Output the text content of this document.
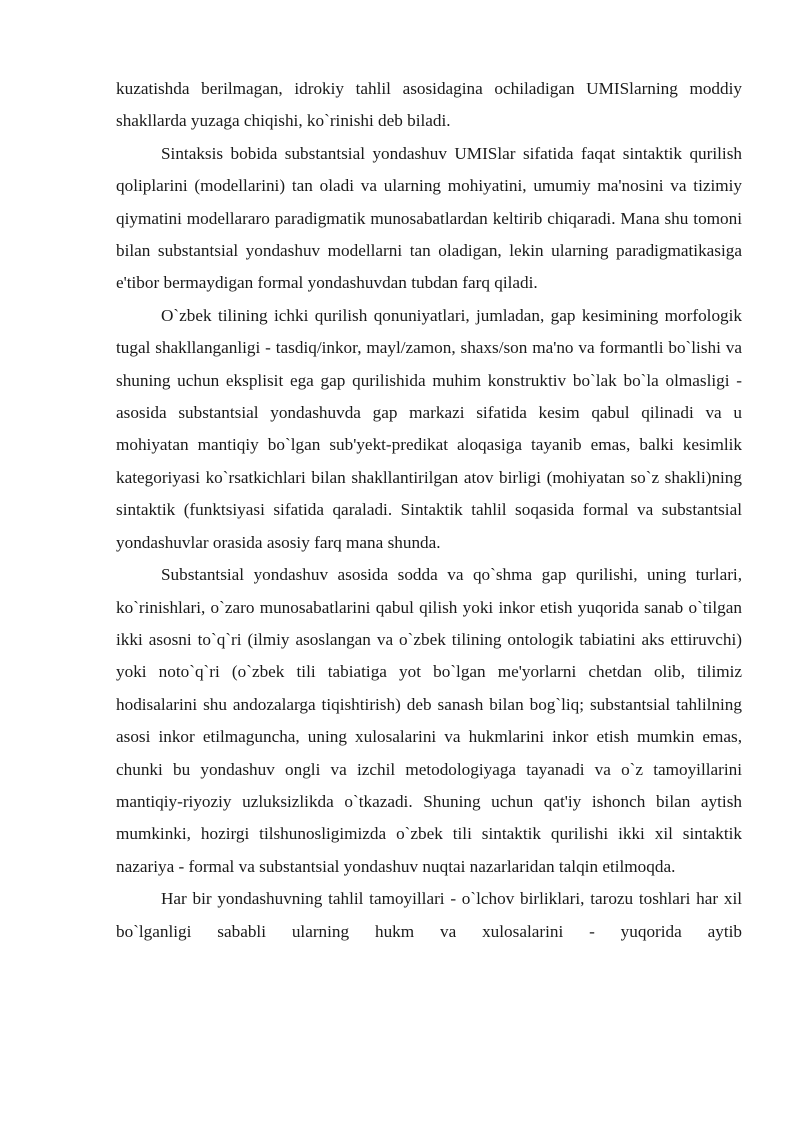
kuzatishda berilmagan, idrokiy tahlil asosidagina ochiladigan UMISlarning moddiy shakllarda yuzaga chiqishi, ko`rinishi deb biladi.

Sintaksis bobida substantsial yondashuv UMISlar sifatida faqat sintaktik qurilish qoliplarini (modellarini) tan oladi va ularning mohiyatini, umumiy ma'nosini va tizimiy qiymatini modellararo paradigmatik munosabatlardan keltirib chiqaradi. Mana shu tomoni bilan substantsial yondashuv modellarni tan oladigan, lekin ularning paradigmatikasiga e'tibor bermaydigan formal yondashuvdan tubdan farq qiladi.

O`zbek tilining ichki qurilish qonuniyatlari, jumladan, gap kesimining morfologik tugal shakllanganligi - tasdiq/inkor, mayl/zamon, shaxs/son ma'no va formantli bo`lishi va shuning uchun eksplisit ega gap qurilishida muhim konstruktiv bo`lak bo`la olmasligi - asosida substantsial yondashuvda gap markazi sifatida kesim qabul qilinadi va u mohiyatan mantiqiy bo`lgan sub'yekt-predikat aloqasiga tayanib emas, balki kesimlik kategoriyasi ko`rsatkichlari bilan shakllantirilgan atov birligi (mohiyatan so`z shakli)ning sintaktik (funktsiyasi sifatida qaraladi. Sintaktik tahlil soqasida formal va substantsial yondashuvlar orasida asosiy farq mana shunda.

Substantsial yondashuv asosida sodda va qo`shma gap qurilishi, uning turlari, ko`rinishlari, o`zaro munosabatlarini qabul qilish yoki inkor etish yuqorida sanab o`tilgan ikki asosni to`q`ri (ilmiy asoslangan va o`zbek tilining ontologik tabiatini aks ettiruvchi) yoki noto`q`ri (o`zbek tili tabiatiga yot bo`lgan me'yorlarni chetdan olib, tilimiz hodisalarini shu andozalarga tiqishtirish) deb sanash bilan bog`liq; substantsial tahlilning asosi inkor etilmaguncha, uning xulosalarini va hukmlarini inkor etish mumkin emas, chunki bu yondashuv ongli va izchil metodologiyaga tayanadi va o`z tamoyillarini mantiqiy-riyoziy uzluksizlikda o`tkazadi. Shuning uchun qat'iy ishonch bilan aytish mumkinki, hozirgi tilshunosligimizda o`zbek tili sintaktik qurilishi ikki xil sintaktik nazariya - formal va substantsial yondashuv nuqtai nazarlaridan talqin etilmoqda.

Har bir yondashuvning tahlil tamoyillari - o`lchov birliklari, tarozu toshlari har xil bo`lganligi sababli ularning hukm va xulosalarini - yuqorida aytib
